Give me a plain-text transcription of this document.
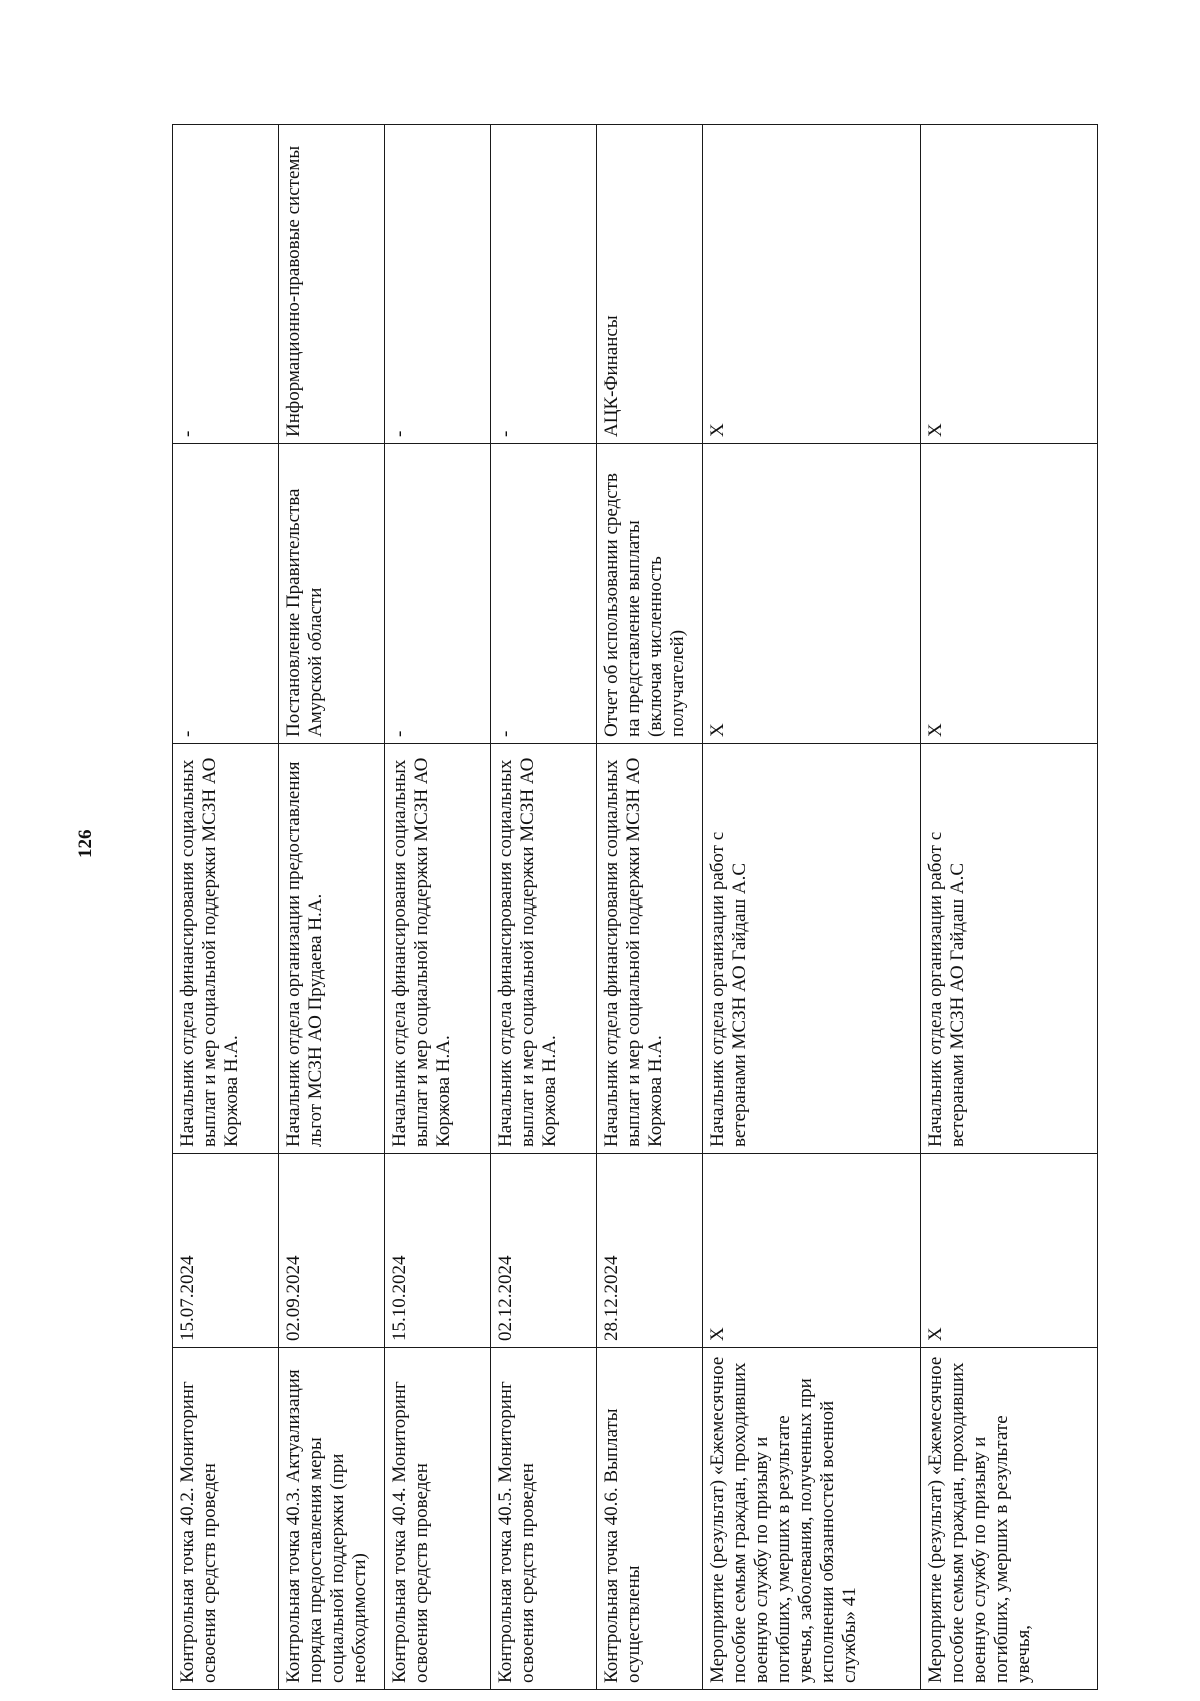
126
Контрольная точка 40.2. Мониторинг освоения средств проведен	15.07.2024	Начальник отдела финансирования социальных выплат и мер социальной поддержки МСЗН АО Коржова Н.А.	-	-
Контрольная точка 40.3. Актуализация порядка предоставления меры социальной поддержки (при необходимости)	02.09.2024	Начальник отдела организации предоставления льгот МСЗН АО Прудаева Н.А.	Постановление Правительства Амурской области	Информационно-правовые системы
Контрольная точка 40.4. Мониторинг освоения средств проведен	15.10.2024	Начальник отдела финансирования социальных выплат и мер социальной поддержки МСЗН АО Коржова Н.А.	-	-
Контрольная точка 40.5. Мониторинг освоения средств проведен	02.12.2024	Начальник отдела финансирования социальных выплат и мер социальной поддержки МСЗН АО Коржова Н.А.	-	-
Контрольная точка 40.6. Выплаты осуществлены	28.12.2024	Начальник отдела финансирования социальных выплат и мер социальной поддержки МСЗН АО Коржова Н.А.	Отчет об использовании средств на представление выплаты (включая численность получателей)	АЦК-Финансы
Мероприятие (результат) «Ежемесячное пособие семьям граждан, проходивших военную службу по призыву и погибших, умерших в результате увечья, заболевания, полученных при исполнении обязанностей военной службы» 41	X	Начальник отдела организации работ с ветеранами МСЗН АО Гайдаш А.С	X	X
Мероприятие (результат) «Ежемесячное пособие семьям граждан, проходивших военную службу по призыву и погибших, умерших в результате увечья,	X	Начальник отдела организации работ с ветеранами МСЗН АО Гайдаш А.С	X	X
